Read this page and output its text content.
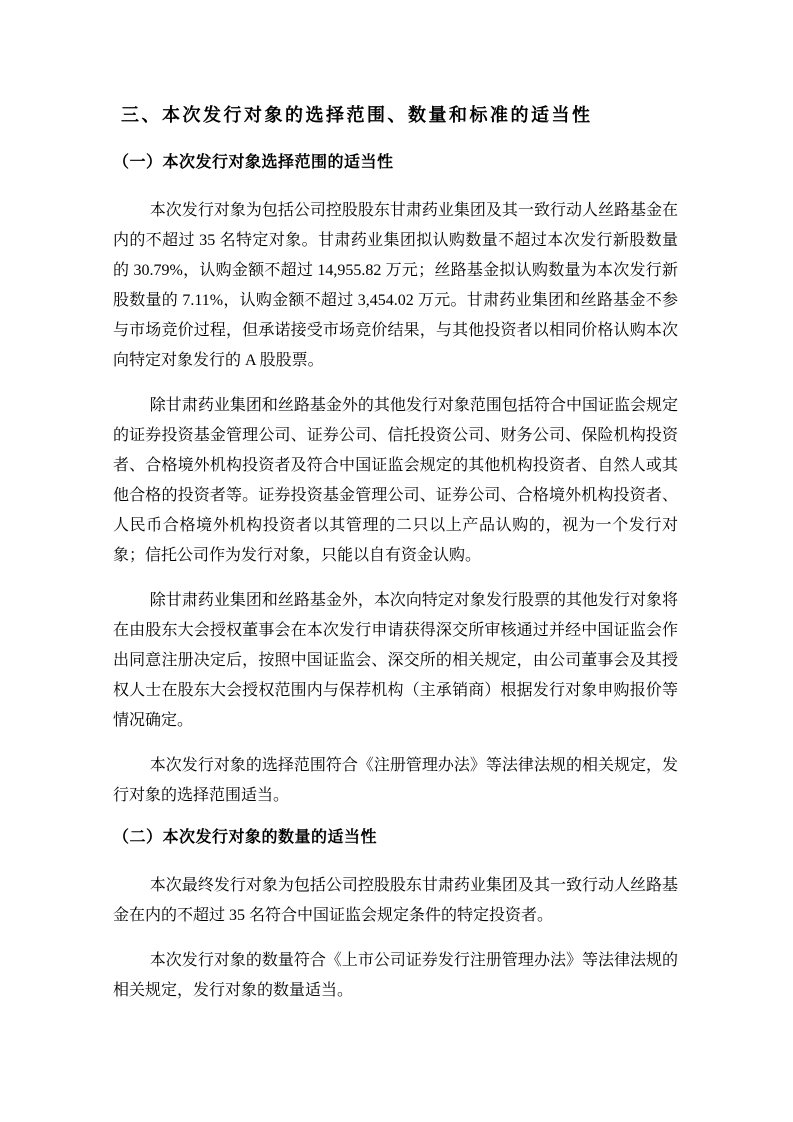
三、本次发行对象的选择范围、数量和标准的适当性
（一）本次发行对象选择范围的适当性

本次发行对象为包括公司控股股东甘肃药业集团及其一致行动人丝路基金在内的不超过 35 名特定对象。甘肃药业集团拟认购数量不超过本次发行新股数量的 30.79%，认购金额不超过 14,955.82 万元；丝路基金拟认购数量为本次发行新股数量的 7.11%，认购金额不超过 3,454.02 万元。甘肃药业集团和丝路基金不参与市场竞价过程，但承诺接受市场竞价结果，与其他投资者以相同价格认购本次向特定对象发行的 A 股股票。

除甘肃药业集团和丝路基金外的其他发行对象范围包括符合中国证监会规定的证券投资基金管理公司、证券公司、信托投资公司、财务公司、保险机构投资者、合格境外机构投资者及符合中国证监会规定的其他机构投资者、自然人或其他合格的投资者等。证券投资基金管理公司、证券公司、合格境外机构投资者、人民币合格境外机构投资者以其管理的二只以上产品认购的，视为一个发行对象；信托公司作为发行对象，只能以自有资金认购。

除甘肃药业集团和丝路基金外，本次向特定对象发行股票的其他发行对象将在由股东大会授权董事会在本次发行申请获得深交所审核通过并经中国证监会作出同意注册决定后，按照中国证监会、深交所的相关规定，由公司董事会及其授权人士在股东大会授权范围内与保荐机构（主承销商）根据发行对象申购报价等情况确定。

本次发行对象的选择范围符合《注册管理办法》等法律法规的相关规定，发行对象的选择范围适当。

（二）本次发行对象的数量的适当性

本次最终发行对象为包括公司控股股东甘肃药业集团及其一致行动人丝路基金在内的不超过 35 名符合中国证监会规定条件的特定投资者。

本次发行对象的数量符合《上市公司证券发行注册管理办法》等法律法规的相关规定，发行对象的数量适当。
